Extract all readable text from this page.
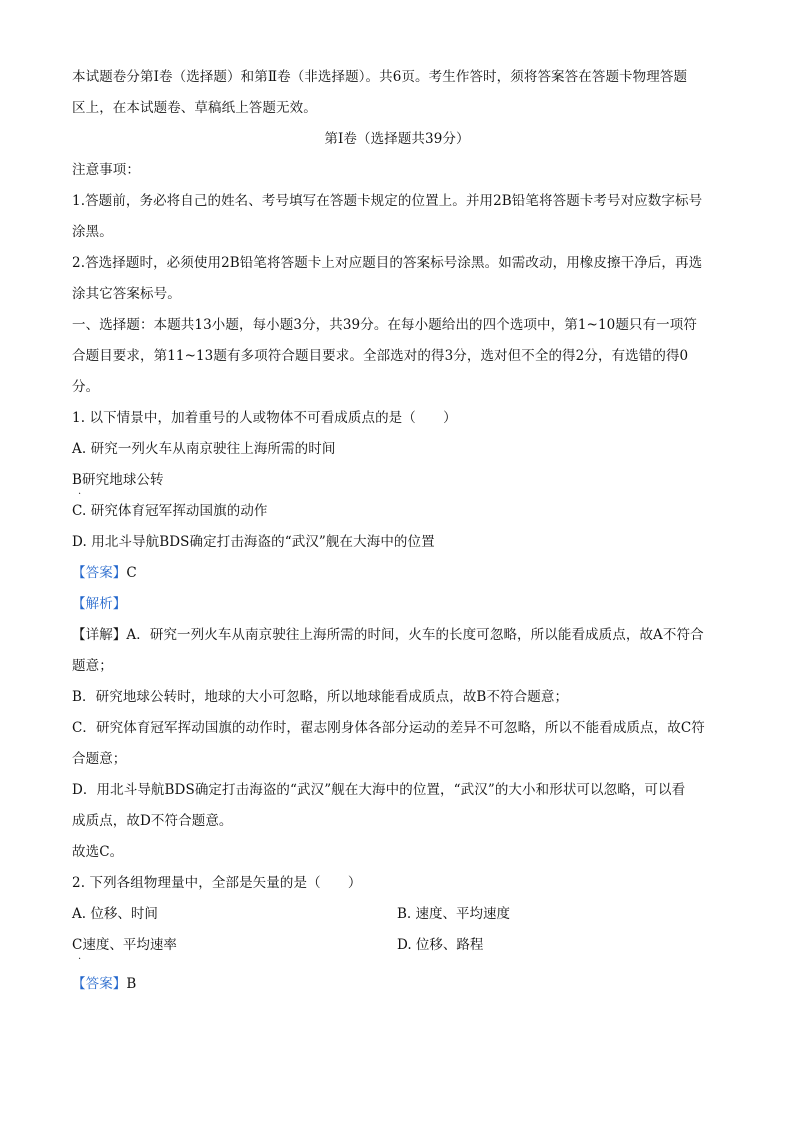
本试题卷分第Ⅰ卷（选择题）和第Ⅱ卷（非选择题）。共6页。考生作答时，须将答案答在答题卡物理答题
区上，在本试题卷、草稿纸上答题无效。
第Ⅰ卷（选择题共39分）
注意事项：
1.答题前，务必将自己的姓名、考号填写在答题卡规定的位置上。并用2B铅笔将答题卡考号对应数字标号
涂黑。
2.答选择题时，必须使用2B铅笔将答题卡上对应题目的答案标号涂黑。如需改动，用橡皮擦干净后，再选
涂其它答案标号。
一、选择题：本题共13小题，每小题3分，共39分。在每小题给出的四个选项中，第1~10题只有一项符
合题目要求，第11~13题有多项符合题目要求。全部选对的得3分，选对但不全的得2分，有选错的得0
分。
1. 以下情景中，加着重号的人或物体不可看成质点的是（　　）
A. 研究一列火车从南京驶往上海所需的时间
B研究地球公转 ·
C. 研究体育冠军挥动国旗的动作
D. 用北斗导航BDS确定打击海盗的“武汉”舰在大海中的位置
【答案】C
【解析】
【详解】A．研究一列火车从南京驶往上海所需的时间，火车的长度可忽略，所以能看成质点，故A不符合
题意；
B．研究地球公转时，地球的大小可忽略，所以地球能看成质点，故B不符合题意；
C．研究体育冠军挥动国旗的动作时，翟志刚身体各部分运动的差异不可忽略，所以不能看成质点，故C符
合题意；
D．用北斗导航BDS确定打击海盗的“武汉”舰在大海中的位置，“武汉”的大小和形状可以忽略，可以看
成质点，故D不符合题意。
故选C。
2. 下列各组物理量中，全部是矢量的是（　　）
A. 位移、时间	B. 速度、平均速度
C速度、平均速率	D. 位移、路程
·
【答案】B
